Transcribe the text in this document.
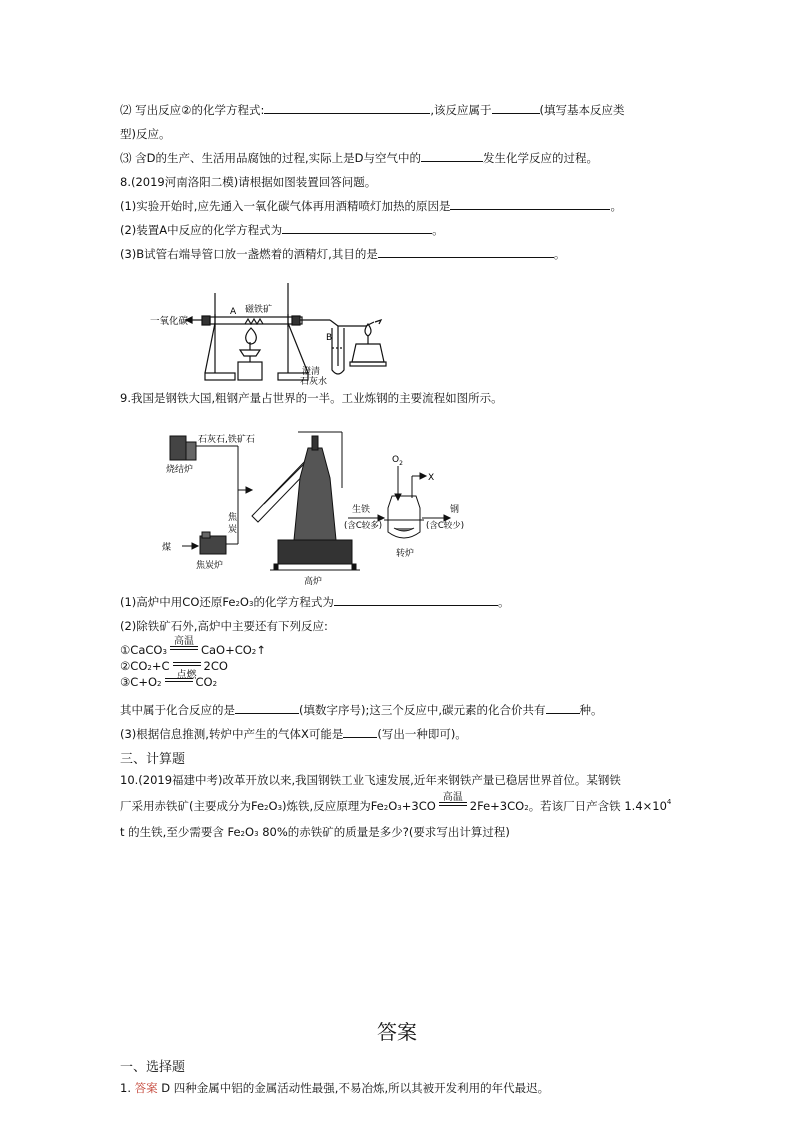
⑵ 写出反应②的化学方程式:	,该反应属于	(填写基本反应类
型)反应。
⑶ 含D的生产、生活用品腐蚀的过程,实际上是D与空气中的	发生化学反应的过程。
8.(2019河南洛阳二模)请根据如图装置回答问题。
(1)实验开始时,应先通入一氧化碳气体再用酒精喷灯加热的原因是	。
(2)装置A中反应的化学方程式为	。
(3)B试管右端导管口放一盏燃着的酒精灯,其目的是	。
一氧化碳
A 磁铁矿
B
澄清
石灰水
9.我国是钢铁大国,粗钢产量占世界的一半。工业炼钢的主要流程如图所示。
石灰石,铁矿石
烧结炉
煤
焦炭炉
焦
炭
高炉
$O_2$
X
生铁
(含C较多)
钢
(含C较少)
转炉
(1)高炉中用CO还原Fe2O3的化学方程式为	。
(2)除铁矿石外,高炉中主要还有下列反应:
①CaCO3
高温
CaO+CO2↑
②CO2+C
点燃
2CO
③C+O2	CO2
其中属于化合反应的是	(填数字序号);这三个反应中,碳元素的化合价共有	种。
(3)根据信息推测,转炉中产生的气体X可能是	(写出一种即可)。
三、计算题
10.(2019福建中考)改革开放以来,我国钢铁工业飞速发展,近年来钢铁产量已稳居世界首位。某钢铁
厂采用赤铁矿(主要成分为Fe2O3)炼铁,反应原理为Fe2O3+3CO
高温
2Fe+3CO2。若该厂日产含铁 $1.4\times 10^4$
t 的生铁,至少需要含 Fe2O3 80%的赤铁矿的质量是多少?(要求写出计算过程)
答案
一、选择题
1. 答案 D 四种金属中铝的金属活动性最强,不易冶炼,所以其被开发利用的年代最迟。
